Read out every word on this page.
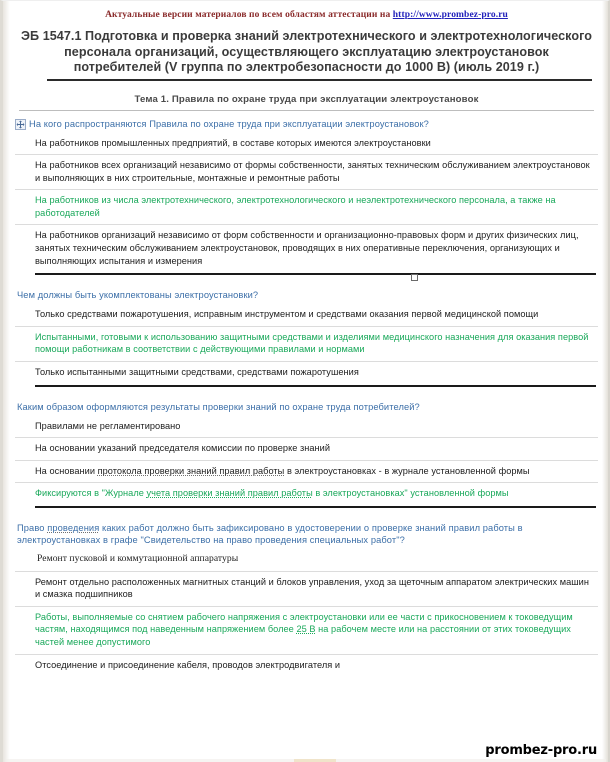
Актуальные версии материалов по всем областям аттестации на http://www.prombez-pro.ru
ЭБ 1547.1 Подготовка и проверка знаний электротехнического и электротехнологического персонала организаций, осуществляющего эксплуатацию электроустановок потребителей (V группа по электробезопасности до 1000 В) (июль 2019 г.)
Тема 1. Правила по охране труда при эксплуатации электроустановок
На кого распространяются Правила по охране труда при эксплуатации электроустановок?
На работников промышленных предприятий, в составе которых имеются электроустановки
На работников всех организаций независимо от формы собственности, занятых техническим обслуживанием электроустановок и выполняющих в них строительные, монтажные и ремонтные работы
На работников из числа электротехнического, электротехнологического и неэлектротехнического персонала, а также на работодателей
На работников организаций независимо от форм собственности и организационно-правовых форм и других физических лиц, занятых техническим обслуживанием электроустановок, проводящих в них оперативные переключения, организующих и выполняющих испытания и измерения
Чем должны быть укомплектованы электроустановки?
Только средствами пожаротушения, исправным инструментом и средствами оказания первой медицинской помощи
Испытанными, готовыми к использованию защитными средствами и изделиями медицинского назначения для оказания первой помощи работникам в соответствии с действующими правилами и нормами
Только испытанными защитными средствами, средствами пожаротушения
Каким образом оформляются результаты проверки знаний по охране труда потребителей?
Правилами не регламентировано
На основании указаний председателя комиссии по проверке знаний
На основании протокола проверки знаний правил работы в электроустановках - в журнале установленной формы
Фиксируются в "Журнале учета проверки знаний правил работы в электроустановках" установленной формы
Право проведения каких работ должно быть зафиксировано в удостоверении о проверке знаний правил работы в электроустановках в графе "Свидетельство на право проведения специальных работ"?
Ремонт пусковой и коммутационной аппаратуры
Ремонт отдельно расположенных магнитных станций и блоков управления, уход за щеточным аппаратом электрических машин и смазка подшипников
Работы, выполняемые со снятием рабочего напряжения с электроустановки или ее части с прикосновением к токоведущим частям, находящимся под наведенным напряжением более 25 В на рабочем месте или на расстоянии от этих токоведущих частей менее допустимого
Отсоединение и присоединение кабеля, проводов электродвигателя и
prombez-pro.ru
